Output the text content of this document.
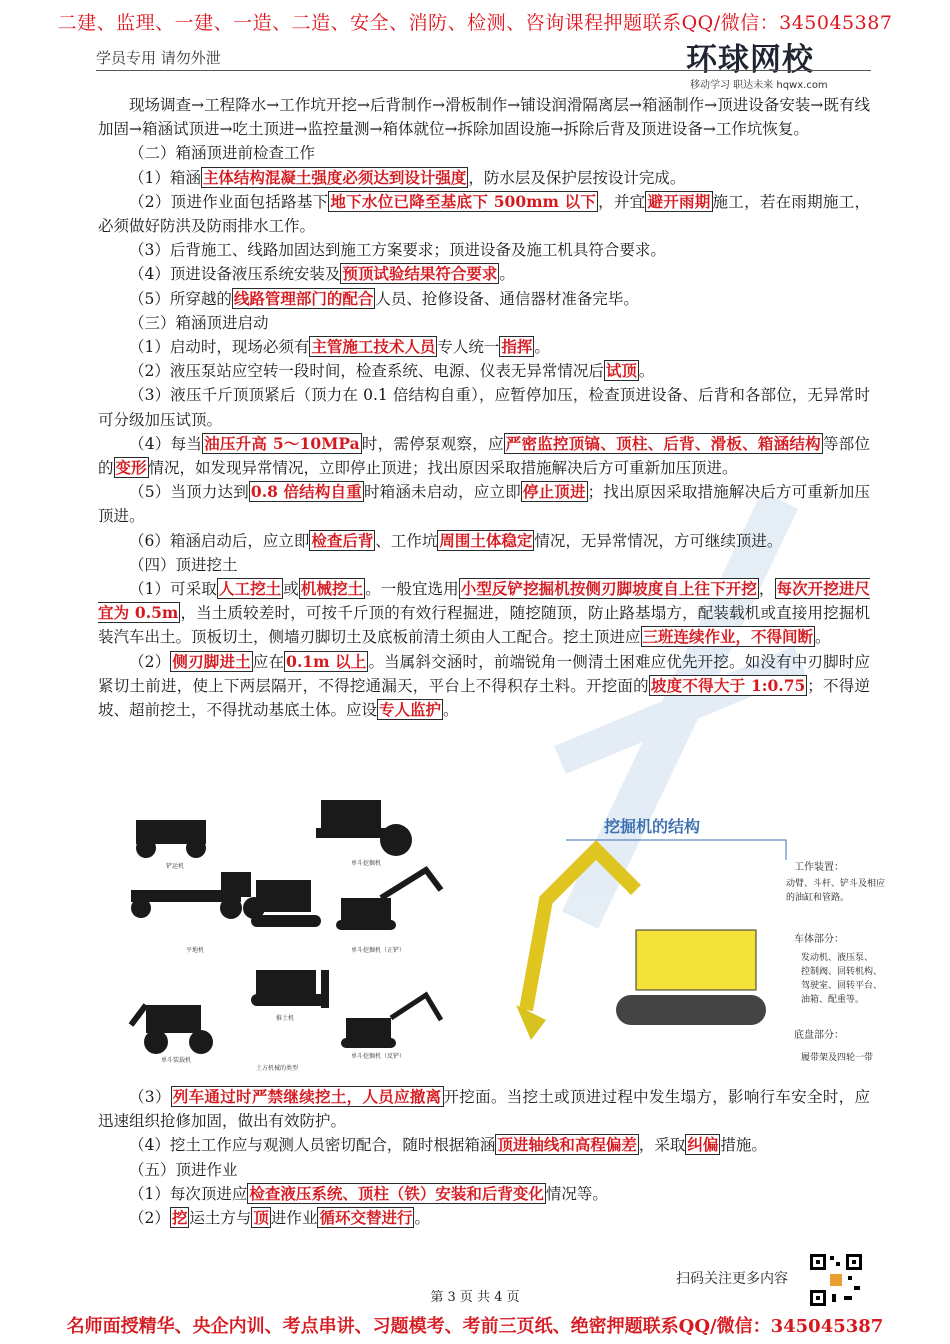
二建、监理、一建、一造、二造、安全、消防、检测、咨询课程押题联系QQ/微信：345045387
学员专用 请勿外泄	环球网校
移动学习 职达未来 hqwx.com

现场调查→工程降水→工作坑开挖→后背制作→滑板制作→铺设润滑隔离层→箱涵制作→顶进设备安装→既有线加固→箱涵试顶进→吃土顶进→监控量测→箱体就位→拆除加固设施→拆除后背及顶进设备→工作坑恢复。

（二）箱涵顶进前检查工作

（1）箱涵 主体结构混凝土强度必须达到设计强度 ，防水层及保护层按设计完成。

（2）顶进作业面包括路基下 地下水位已降至基底下 500mm 以下 ，并宜 避开雨期 施工，若在雨期施工，必须做好防洪及防雨排水工作。

（3）后背施工、线路加固达到施工方案要求；顶进设备及施工机具符合要求。

（4）顶进设备液压系统安装及 预顶试验结果符合要求 。

（5）所穿越的 线路管理部门的配合 人员、抢修设备、通信器材准备完毕。

（三）箱涵顶进启动

（1）启动时，现场必须有 主管施工技术人员 专人统一 指挥 。

（2）液压泵站应空转一段时间，检查系统、电源、仪表无异常情况后 试顶 。

（3）液压千斤顶顶紧后（顶力在 0.1 倍结构自重），应暂停加压，检查顶进设备、后背和各部位，无异常时可分级加压试顶。

（4）每当 油压升高 5～10MPa 时，需停泵观察，应 严密监控顶镐、顶柱、后背、滑板、箱涵结构 等部位的 变形 情况，如发现异常情况，立即停止顶进；找出原因采取措施解决后方可重新加压顶进。

（5）当顶力达到 0.8 倍结构自重 时箱涵未启动，应立即 停止顶进 ；找出原因采取措施解决后方可重新加压顶进。

（6）箱涵启动后，应立即 检查后背 、工作坑 周围土体稳定 情况，无异常情况，方可继续顶进。

（四）顶进挖土

（1）可采取 人工挖土 或 机械挖土 。一般宜选用 小型反铲挖掘机按侧刃脚坡度自上往下开挖 ， 每次开挖进尺宜为 0.5m ，当土质较差时，可按千斤顶的有效行程掘进，随挖随顶，防止路基塌方，配装载机或直接用挖掘机装汽车出土。顶板切土，侧墙刃脚切土及底板前清土须由人工配合。挖土顶进应 三班连续作业，不得间断 。

（2） 侧刃脚进土 应在 0.1m 以上 。当属斜交涵时，前端锐角一侧清土困难应优先开挖。如没有中刃脚时应紧切土前进，使上下两层隔开，不得挖通漏天，平台上不得积存土料。开挖面的 坡度不得大于 1:0.75 ；不得逆坡、超前挖土，不得扰动基底土体。应设 专人监护 。

铲运机	单斗挖掘机
平地机	单斗挖掘机（正铲）
推土机
单斗装载机
单斗挖掘机（反铲）
土方机械的类型
挖掘机的结构
工作装置：
动臂、斗杆、铲斗及相应
的油缸和管路。
车体部分：
发动机、液压泵、
控制阀、回转机构、
驾驶室、回转平台、
油箱、配重等。
底盘部分：
履带架及四轮一带

（3） 列车通过时严禁继续挖土，人员应撤离 开挖面。当挖土或顶进过程中发生塌方，影响行车安全时，应迅速组织抢修加固，做出有效防护。

（4）挖土工作应与观测人员密切配合，随时根据箱涵 顶进轴线和高程偏差 ，采取 纠偏 措施。

（五）顶进作业

（1）每次顶进应 检查液压系统、顶柱（铁）安装和后背变化 情况等。

（2） 挖 运土方与 顶 进作业 循环交替进行 。

扫码关注更多内容
第 3 页 共 4 页
名师面授精华、央企内训、考点串讲、习题模考、考前三页纸、绝密押题联系QQ/微信：345045387
